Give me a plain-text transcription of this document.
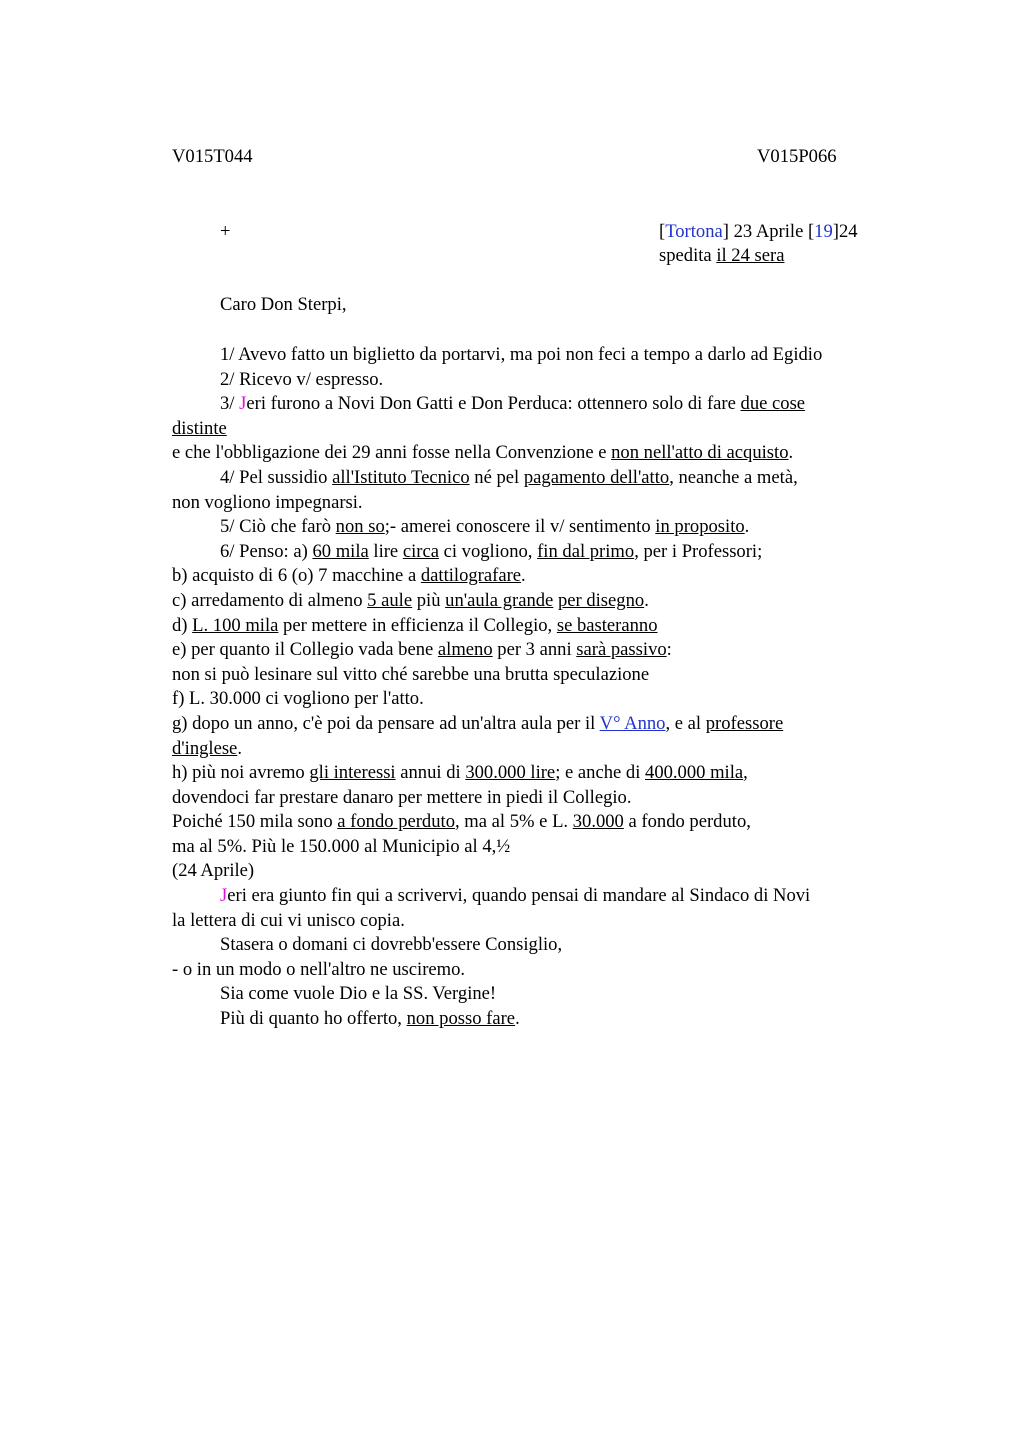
V015T044	V015P066
+	[Tortona] 23 Aprile [19]24
spedita il 24 sera
Caro Don Sterpi,
1/ Avevo fatto un biglietto da portarvi, ma poi non feci a tempo a darlo ad Egidio
2/ Ricevo v/ espresso.
3/ Jeri furono a Novi Don Gatti e Don Perduca: ottennero solo di fare due cose
distinte
e che l'obbligazione dei 29 anni fosse nella Convenzione e non nell'atto di acquisto.
4/ Pel sussidio all'Istituto Tecnico né pel pagamento dell'atto, neanche a metà,
non vogliono impegnarsi.
5/ Ciò che farò non so;- amerei conoscere il v/ sentimento in proposito.
6/ Penso: a) 60 mila lire circa ci vogliono, fin dal primo, per i Professori;
b) acquisto di 6 (o) 7 macchine a dattilografare.
c) arredamento di almeno 5 aule più un'aula grande per disegno.
d) L. 100 mila per mettere in efficienza il Collegio, se basteranno
e) per quanto il Collegio vada bene almeno per 3 anni sarà passivo:
non si può lesinare sul vitto ché sarebbe una brutta speculazione
f) L. 30.000 ci vogliono per l'atto.
g) dopo un anno, c'è poi da pensare ad un'altra aula per il V° Anno, e al professore
d'inglese.
h) più noi avremo gli interessi annui di 300.000 lire; e anche di 400.000 mila,
dovendoci far prestare danaro per mettere in piedi il Collegio.
Poiché 150 mila sono a fondo perduto, ma al 5% e L. 30.000 a fondo perduto,
ma al 5%. Più le 150.000 al Municipio al 4,½
(24 Aprile)
Jeri era giunto fin qui a scrivervi, quando pensai di mandare al Sindaco di Novi
la lettera di cui vi unisco copia.
Stasera o domani ci dovrebb'essere Consiglio,
- o in un modo o nell'altro ne usciremo.
Sia come vuole Dio e la SS. Vergine!
Più di quanto ho offerto, non posso fare.
